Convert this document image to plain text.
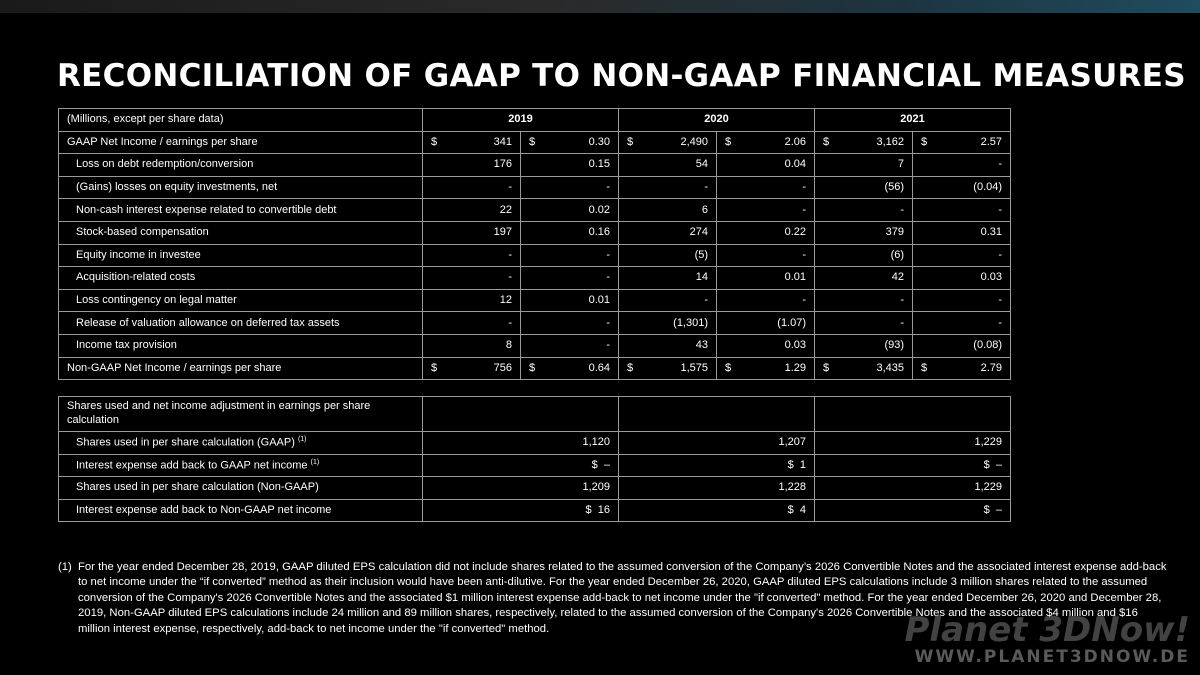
RECONCILIATION OF GAAP TO NON-GAAP FINANCIAL MEASURES
(Millions, except per share data)	2019		2020		2021	
GAAP Net Income / earnings per share	$ 341	$ 0.30	$ 2,490	$ 2.06	$ 3,162	$ 2.57

Loss on debt redemption/conversion	176	0.15	54	0.04	7	-
(Gains) losses on equity investments, net	-	-	-	-	(56)	(0.04)
Non-cash interest expense related to convertible debt	22	0.02	6	-	-	-
Stock-based compensation	197	0.16	274	0.22	379	0.31
Equity income in investee	-	-	(5)	-	(6)	-
Acquisition-related costs	-	-	14	0.01	42	0.03
Loss contingency on legal matter	12	0.01	-	-	-	-
Release of valuation allowance on deferred tax assets	-	-	(1,301)	(1.07)	-	-
Income tax provision	8	-	43	0.03	(93)	(0.08)
Non-GAAP Net Income / earnings per share	$ 756	$ 0.64	$ 1,575	$ 1.29	$ 3,435	$ 2.79
Shares used and net income adjustment in earnings per share calculation			
Shares used in per share calculation (GAAP) $^{(1)}$	1,120	1,207	1,229
Interest expense add back to GAAP net income $^{(1)}$	$ –	$ 1	$ –
Shares used in per share calculation (Non-GAAP)	1,209	1,228	1,229
Interest expense add back to Non-GAAP net income	$ 16	$ 4	$ –
(1) For the year ended December 28, 2019, GAAP diluted EPS calculation did not include shares related to the assumed conversion of the Company’s 2026 Convertible Notes and the associated interest expense add-back to net income under the “if converted” method as their inclusion would have been anti-dilutive. For the year ended December 26, 2020, GAAP diluted EPS calculations include 3 million shares related to the assumed conversion of the Company's 2026 Convertible Notes and the associated $1 million interest expense add-back to net income under the "if converted" method. For the year ended December 26, 2020 and December 28, 2019, Non-GAAP diluted EPS calculations include 24 million and 89 million shares, respectively, related to the assumed conversion of the Company's 2026 Convertible Notes and the associated $4 million and $16 million interest expense, respectively, add-back to net income under the "if converted" method.	Planet 3DNow!
WWW.PLANET3DNOW.DE
